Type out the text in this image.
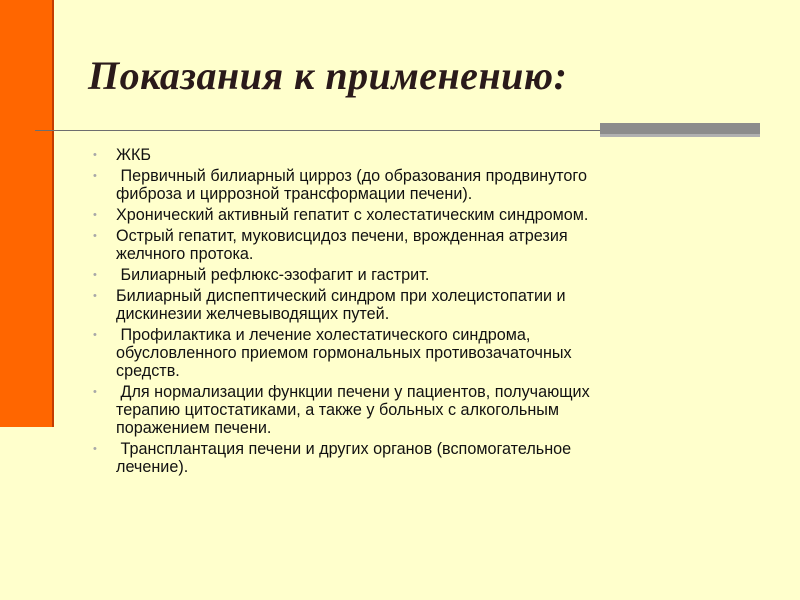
Показания к применению:
• ЖКБ
• Первичный билиарный цирроз (до образования продвинутого
фиброза и циррозной трансформации печени).
• Хронический активный гепатит с холестатическим синдромом.
• Острый гепатит, муковисцидоз печени, врожденная атрезия
желчного протока.
• Билиарный рефлюкс-эзофагит и гастрит.
• Билиарный диспептический синдром при холецистопатии и
дискинезии желчевыводящих путей.
• Профилактика и лечение холестатического синдрома,
обусловленного приемом гормональных противозачаточных
средств.
• Для нормализации функции печени у пациентов, получающих
терапию цитостатиками, а также у больных с алкогольным
поражением печени.
• Трансплантация печени и других органов (вспомогательное
лечение).
